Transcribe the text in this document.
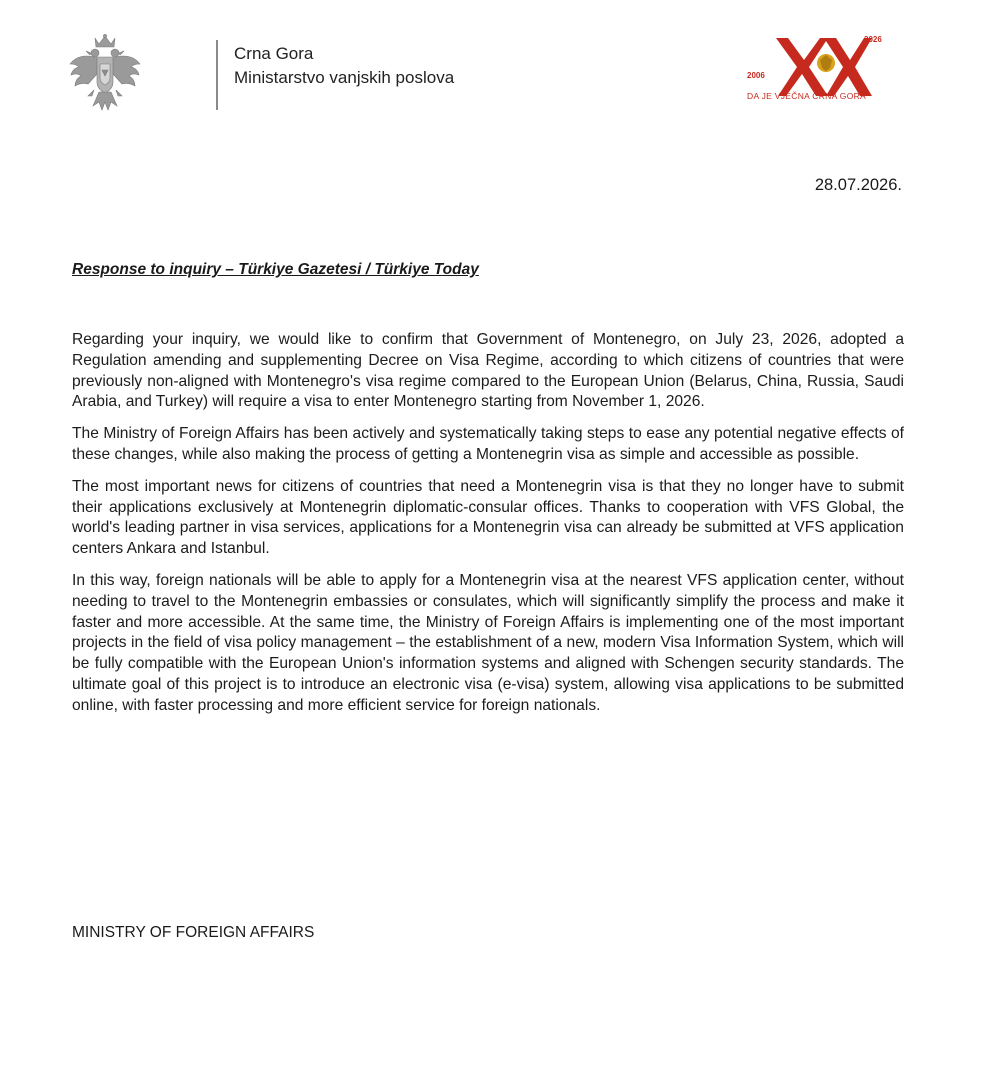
Crna Gora
Ministarstvo vanjskih poslova	2006
2026
DA JE VJEČNA CRNA GORA
28.07.2026.
Response to inquiry – Türkiye Gazetesi / Türkiye Today

Regarding your inquiry, we would like to confirm that Government of Montenegro, on July 23, 2026, adopted a Regulation amending and supplementing Decree on Visa Regime, according to which citizens of countries that were previously non-aligned with Montenegro's visa regime compared to the European Union (Belarus, China, Russia, Saudi Arabia, and Turkey) will require a visa to enter Montenegro starting from November 1, 2026.

The Ministry of Foreign Affairs has been actively and systematically taking steps to ease any potential negative effects of these changes, while also making the process of getting a Montenegrin visa as simple and accessible as possible.

The most important news for citizens of countries that need a Montenegrin visa is that they no longer have to submit their applications exclusively at Montenegrin diplomatic-consular offices. Thanks to cooperation with VFS Global, the world's leading partner in visa services, applications for a Montenegrin visa can already be submitted at VFS application centers Ankara and Istanbul.

In this way, foreign nationals will be able to apply for a Montenegrin visa at the nearest VFS application center, without needing to travel to the Montenegrin embassies or consulates, which will significantly simplify the process and make it faster and more accessible. At the same time, the Ministry of Foreign Affairs is implementing one of the most important projects in the field of visa policy management – the establishment of a new, modern Visa Information System, which will be fully compatible with the European Union's information systems and aligned with Schengen security standards. The ultimate goal of this project is to introduce an electronic visa (e-visa) system, allowing visa applications to be submitted online, with faster processing and more efficient service for foreign nationals.

MINISTRY OF FOREIGN AFFAIRS
